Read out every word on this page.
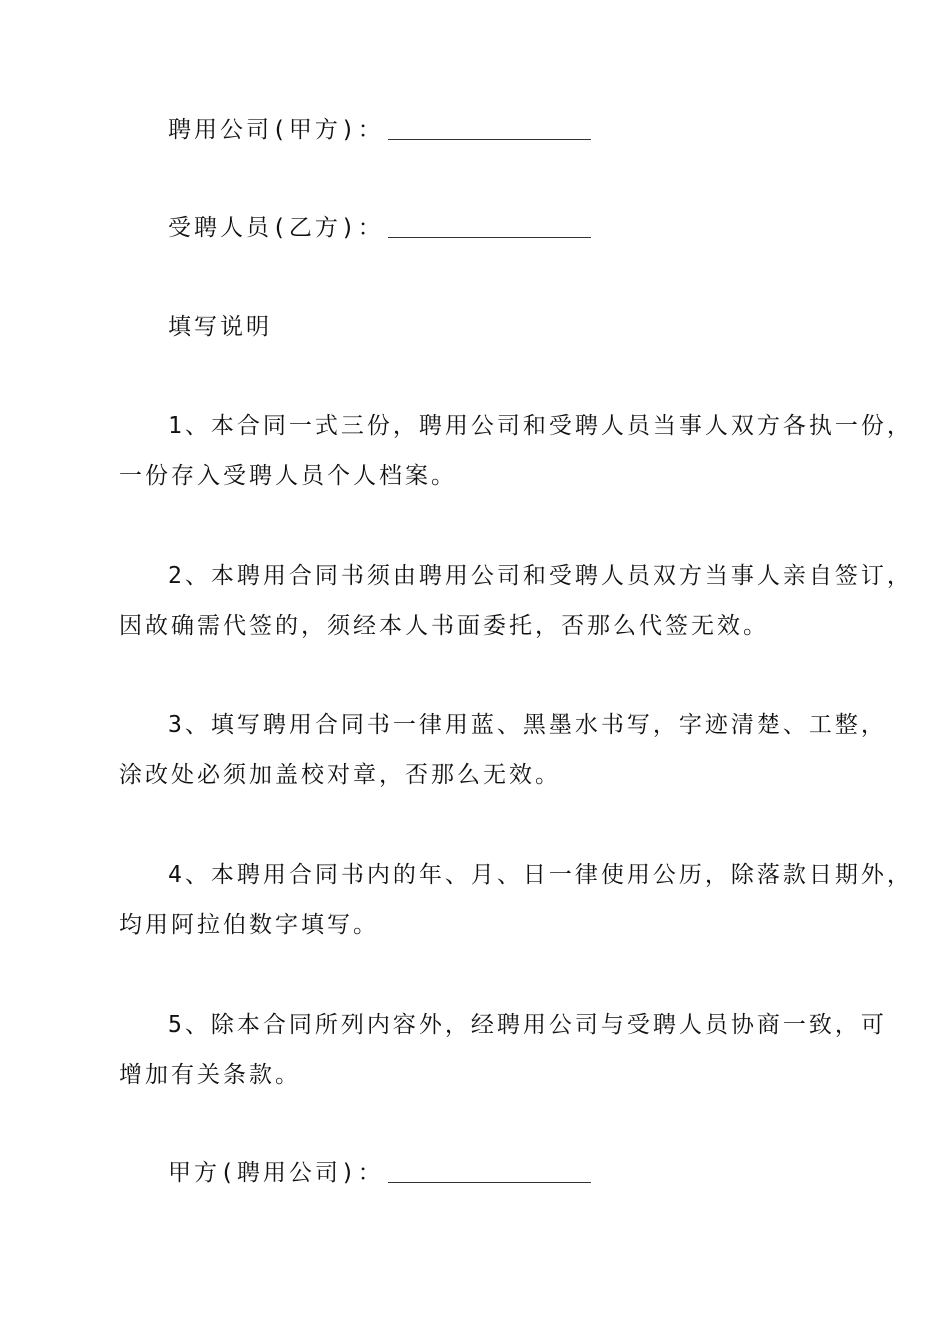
聘用公司(甲方)：
受聘人员(乙方)：
填写说明
1、本合同一式三份，聘用公司和受聘人员当事人双方各执一份，
一份存入受聘人员个人档案。
2、本聘用合同书须由聘用公司和受聘人员双方当事人亲自签订，
因故确需代签的，须经本人书面委托，否那么代签无效。
3、填写聘用合同书一律用蓝、黑墨水书写，字迹清楚、工整，
涂改处必须加盖校对章，否那么无效。
4、本聘用合同书内的年、月、日一律使用公历，除落款日期外，
均用阿拉伯数字填写。
5、除本合同所列内容外，经聘用公司与受聘人员协商一致，可
增加有关条款。
甲方(聘用公司)：
